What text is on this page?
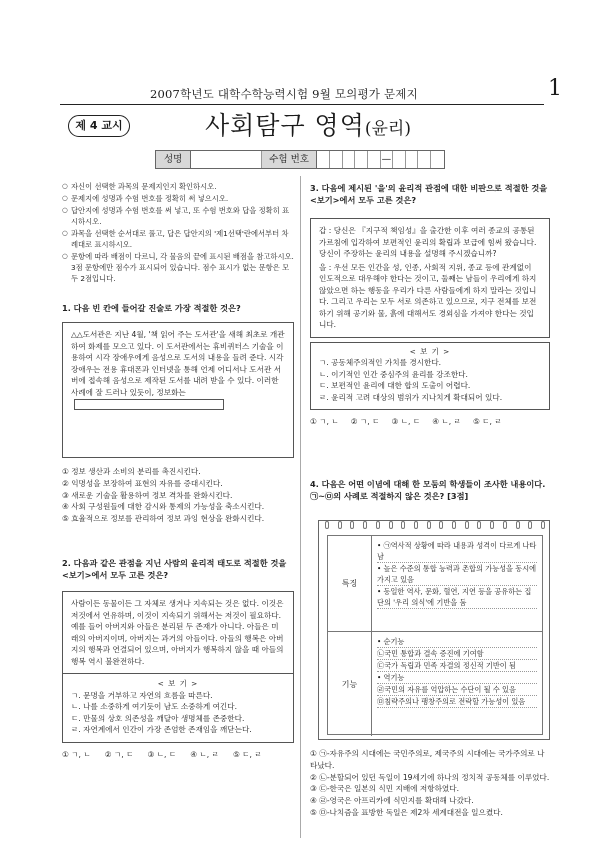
2007학년도 대학수학능력시험 9월 모의평가 문제지	1
제 4 교시	사회탐구 영역(윤리)
성명	수험 번호	—
○ 자신이 선택한 과목의 문제지인지 확인하시오.
○ 문제지에 성명과 수험 번호를 정확히 써 넣으시오.
○ 답안지에 성명과 수험 번호를 써 넣고, 또 수험 번호와 답을 정확히 표시하시오.
○ 과목을 선택한 순서대로 풀고, 답은 답안지의 '제1선택'란에서부터 차례대로 표시하시오.
○ 문항에 따라 배점이 다르니, 각 물음의 끝에 표시된 배점을 참고하시오. 3점 문항에만 점수가 표시되어 있습니다. 점수 표시가 없는 문항은 모두 2점입니다.
1. 다음 빈 칸에 들어갈 진술로 가장 적절한 것은?
△△도서관은 지난 4월, '책 읽어 주는 도서관'을 새해 최초로 개관하여 화제를 모으고 있다. 이 도서관에서는 휴비퀴터스 기술을 이용하여 시각 장애우에게 음성으로 도서의 내용을 들려 준다. 시각 장애우는 전용 휴대폰과 인터넷을 통해 언제 어디서나 도서관 서버에 접속해 음성으로 제작된 도서를 내려 받을 수 있다. 이러한 사례에 잘 드러나 있듯이, 정보화는
① 정보 생산과 소비의 분리를 촉진시킨다.
② 익명성을 보장하여 표현의 자유를 증대시킨다.
③ 새로운 기술을 활용하여 정보 격차를 완화시킨다.
④ 사회 구성원들에 대한 감시와 통제의 가능성을 축소시킨다.
⑤ 효율적으로 정보를 관리하여 정보 과잉 현상을 완화시킨다.
2. 다음과 같은 관점을 지닌 사람의 윤리적 태도로 적절한 것을 <보기>에서 모두 고른 것은?
사람이든 동물이든 그 자체로 생겨나 지속되는 것은 없다. 이것은 저것에서 연유하며, 이것이 지속되기 위해서는 저것이 필요하다. 예를 들어 아버지와 아들은 분리된 두 존재가 아니다. 아들은 미래의 아버지이며, 아버지는 과거의 아들이다. 아들의 행복은 아버지의 행복과 연결되어 있으며, 아버지가 행복하지 않을 때 아들의 행복 역시 불완전하다.
< 보 기 >
ㄱ. 문명을 거부하고 자연의 흐름을 따른다.
ㄴ. 나를 소중하게 여기듯이 남도 소중하게 여긴다.
ㄷ. 만물의 상호 의존성을 깨달아 생명체를 존중한다.
ㄹ. 자연계에서 인간이 가장 존엄한 존재임을 깨닫는다.
① ㄱ, ㄴ ② ㄱ, ㄷ ③ ㄴ, ㄷ ④ ㄴ, ㄹ ⑤ ㄷ, ㄹ
3. 다음에 제시된 '을'의 윤리적 관점에 대한 비판으로 적절한 것을 <보기>에서 모두 고른 것은?
갑 : 당신은 『지구적 책임성』을 출간한 이후 여러 종교의 공통된 가르침에 입각하여 보편적인 윤리의 확립과 보급에 힘써 왔습니다. 당신이 주장하는 윤리의 내용을 설명해 주시겠습니까?
을 : 우선 모든 인간을 성, 인종, 사회적 지위, 종교 등에 관계없이 인도적으로 대우해야 한다는 것이고, 둘째는 남들이 우리에게 하지 않았으면 하는 행동을 우리가 다른 사람들에게 하지 말라는 것입니다. 그리고 우리는 모두 서로 의존하고 있으므로, 지구 전체를 보전하기 위해 공기와 물, 흙에 대해서도 경외심을 가져야 한다는 것입니다.
< 보 기 >
ㄱ. 공동체주의적인 가치를 경시한다.
ㄴ. 이기적인 인간 중심주의 윤리를 강조한다.
ㄷ. 보편적인 윤리에 대한 합의 도출이 어렵다.
ㄹ. 윤리적 고려 대상의 범위가 지나치게 확대되어 있다.
① ㄱ, ㄴ ② ㄱ, ㄷ ③ ㄴ, ㄷ ④ ㄴ, ㄹ ⑤ ㄷ, ㄹ
4. 다음은 어떤 이념에 대해 한 모둠의 학생들이 조사한 내용이다. ㉠~㉤의 사례로 적절하지 않은 것은? [3점]
특징
• ㉠역사적 상황에 따라 내용과 성격이 다르게 나타남
• 높은 수준의 통합 능력과 촌합의 가능성을 동시에 가지고 있음
• 동일한 역사, 문화, 혈연, 지연 등을 공유하는 집단의 '우리 의식'에 기반을 둠
기능
• 순기능
㉡국민 통합과 결속 증진에 기여함
㉢국가 독립과 민족 자결의 정신적 기반이 됨
• 역기능
㉣국민의 자유를 억압하는 수단이 될 수 있음
㉤침략주의나 팽창주의로 전락할 가능성이 있음
① ㉠-자유주의 시대에는 국민주의로, 제국주의 시대에는 국가주의로 나타났다.
② ㉡-분할되어 있던 독일이 19세기에 하나의 정치적 공동체를 이루었다.
③ ㉢-한국은 일본의 식민 지배에 저항하였다.
④ ㉣-영국은 아프리카에 식민지를 확대해 나갔다.
⑤ ㉤-나치즘을 표방한 독일은 제2차 세계대전을 일으켰다.
